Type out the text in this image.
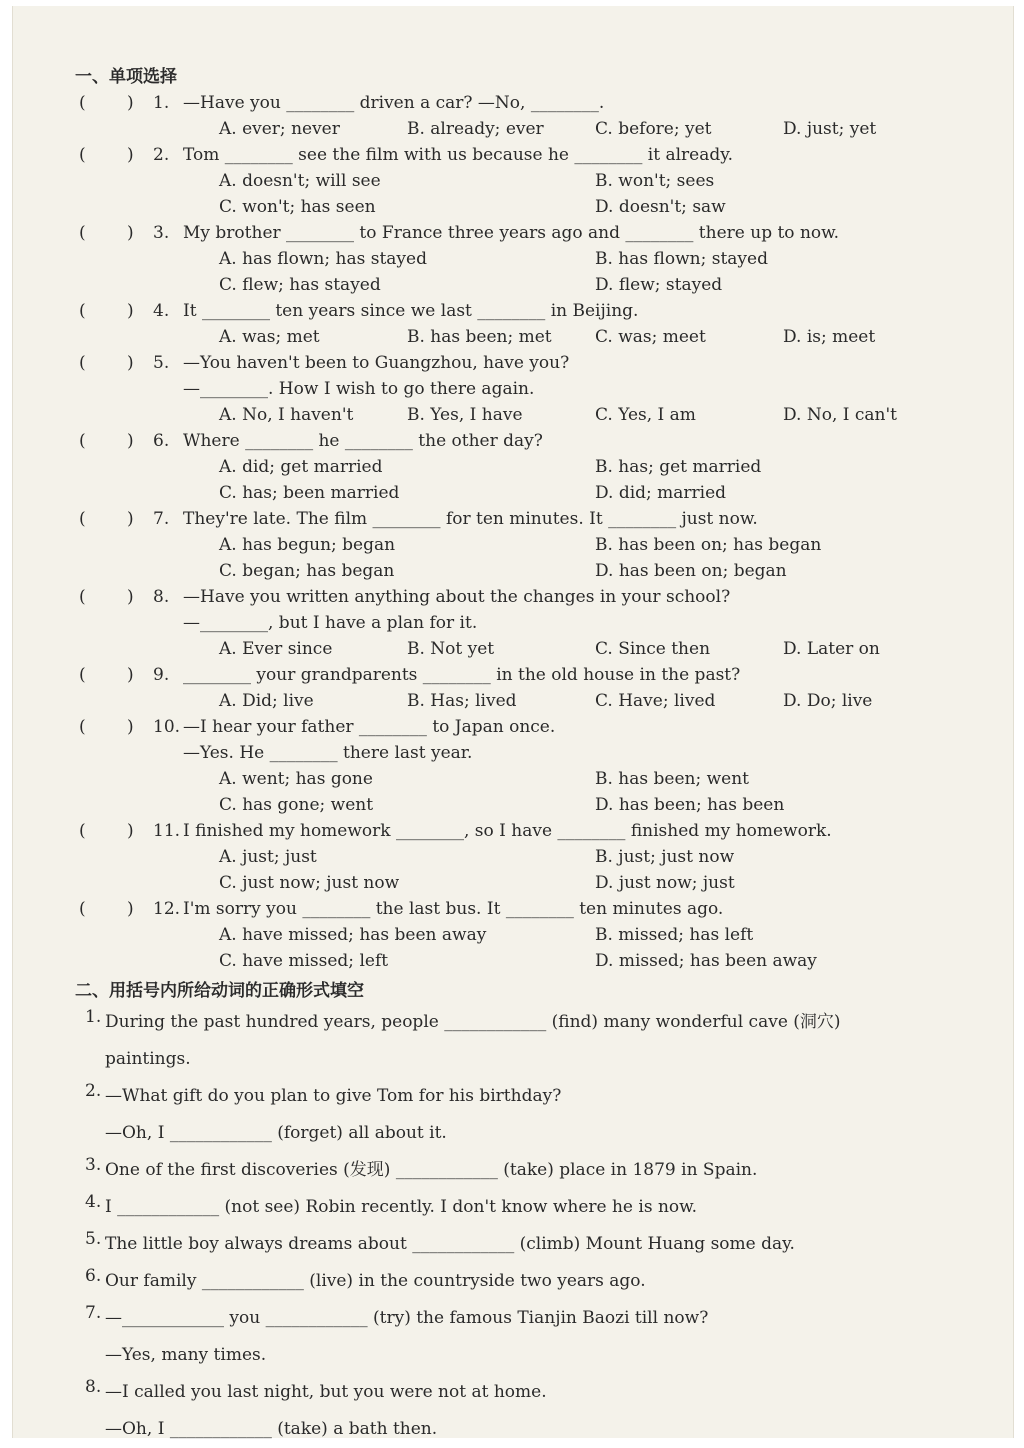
一、单项选择
1. —Have you ________ driven a car? —No, ________.
A. ever; never	B. already; ever	C. before; yet	D. just; yet
2. Tom ________ see the film with us because he ________ it already.
A. doesn't; will see	B. won't; sees
C. won't; has seen	D. doesn't; saw
3. My brother ________ to France three years ago and ________ there up to now.
A. has flown; has stayed	B. has flown; stayed
C. flew; has stayed	D. flew; stayed
4. It ________ ten years since we last ________ in Beijing.
A. was; met	B. has been; met	C. was; meet	D. is; meet
5. —You haven't been to Guangzhou, have you?
—________. How I wish to go there again.
A. No, I haven't	B. Yes, I have	C. Yes, I am	D. No, I can't
6. Where ________ he ________ the other day?
A. did; get married	B. has; get married
C. has; been married	D. did; married
7. They're late. The film ________ for ten minutes. It ________ just now.
A. has begun; began	B. has been on; has began
C. began; has began	D. has been on; began
8. —Have you written anything about the changes in your school?
—________, but I have a plan for it.
A. Ever since	B. Not yet	C. Since then	D. Later on
9. ________ your grandparents ________ in the old house in the past?
A. Did; live	B. Has; lived	C. Have; lived	D. Do; live
10. —I hear your father ________ to Japan once.
—Yes. He ________ there last year.
A. went; has gone	B. has been; went
C. has gone; went	D. has been; has been
11. I finished my homework ________, so I have ________ finished my homework.
A. just; just	B. just; just now
C. just now; just now	D. just now; just
12. I'm sorry you ________ the last bus. It ________ ten minutes ago.
A. have missed; has been away	B. missed; has left
C. have missed; left	D. missed; has been away
二、用括号内所给动词的正确形式填空
1. During the past hundred years, people ____________ (find) many wonderful cave (洞穴)
paintings.
2. —What gift do you plan to give Tom for his birthday?
—Oh, I ____________ (forget) all about it.
3. One of the first discoveries (发现) ____________ (take) place in 1879 in Spain.
4. I ____________ (not see) Robin recently. I don't know where he is now.
5. The little boy always dreams about ____________ (climb) Mount Huang some day.
6. Our family ____________ (live) in the countryside two years ago.
7. —____________ you ____________ (try) the famous Tianjin Baozi till now?
—Yes, many times.
8. —I called you last night, but you were not at home.
—Oh, I ____________ (take) a bath then.
